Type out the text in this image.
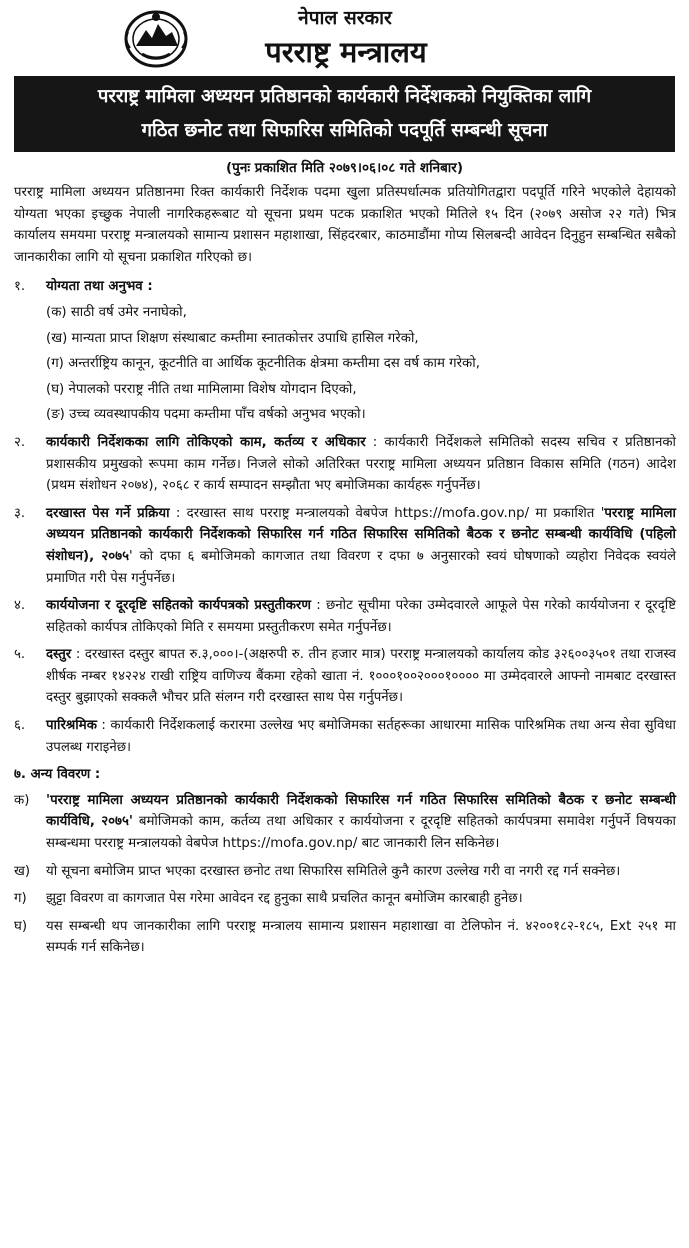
नेपाल सरकार
परराष्ट्र मन्त्रालय
परराष्ट्र मामिला अध्ययन प्रतिष्ठानको कार्यकारी निर्देशकको नियुक्तिका लागि
गठित छनोट तथा सिफारिस समितिको पदपूर्ति सम्बन्धी सूचना
(पुनः प्रकाशित मिति २०७९।०६।०८ गते शनिबार)

परराष्ट्र मामिला अध्ययन प्रतिष्ठानमा रिक्त कार्यकारी निर्देशक पदमा खुला प्रतिस्पर्धात्मक प्रतियोगितद्वारा पदपूर्ति गरिने भएकोले देहायको योग्यता भएका इच्छुक नेपाली नागरिकहरूबाट यो सूचना प्रथम पटक प्रकाशित भएको मितिले १५ दिन (२०७९ असोज २२ गते) भित्र कार्यालय समयमा परराष्ट्र मन्त्रालयको सामान्य प्रशासन महाशाखा, सिंहदरबार, काठमाडौंमा गोप्य सिलबन्दी आवेदन दिनुहुन सम्बन्धित सबैको जानकारीका लागि यो सूचना प्रकाशित गरिएको छ।

१.	योग्यता तथा अनुभव :
(क) साठी वर्ष उमेर ननाघेको,
(ख) मान्यता प्राप्त शिक्षण संस्थाबाट कम्तीमा स्नातकोत्तर उपाधि हासिल गरेको,
(ग) अन्तर्राष्ट्रिय कानून, कूटनीति वा आर्थिक कूटनीतिक क्षेत्रमा कम्तीमा दस वर्ष काम गरेको,
(घ) नेपालको परराष्ट्र नीति तथा मामिलामा विशेष योगदान दिएको,
(ङ) उच्च व्यवस्थापकीय पदमा कम्तीमा पाँच वर्षको अनुभव भएको।
२.	कार्यकारी निर्देशकका लागि तोकिएको काम, कर्तव्य र अधिकार : कार्यकारी निर्देशकले समितिको सदस्य सचिव र प्रतिष्ठानको प्रशासकीय प्रमुखको रूपमा काम गर्नेछ। निजले सोको अतिरिक्त परराष्ट्र मामिला अध्ययन प्रतिष्ठान विकास समिति (गठन) आदेश (प्रथम संशोधन २०७४), २०६८ र कार्य सम्पादन सम्झौता भए बमोजिमका कार्यहरू गर्नुपर्नेछ।
३.	दरखास्त पेस गर्ने प्रक्रिया : दरखास्त साथ परराष्ट्र मन्त्रालयको वेबपेज https://mofa.gov.np/ मा प्रकाशित 'परराष्ट्र मामिला अध्ययन प्रतिष्ठानको कार्यकारी निर्देशकको सिफारिस गर्न गठित सिफारिस समितिको बैठक र छनोट सम्बन्धी कार्यविधि (पहिलो संशोधन), २०७५' को दफा ६ बमोजिमको कागजात तथा विवरण र दफा ७ अनुसारको स्वयं घोषणाको व्यहोरा निवेदक स्वयंले प्रमाणित गरी पेस गर्नुपर्नेछ।
४.	कार्ययोजना र दूरदृष्टि सहितको कार्यपत्रको प्रस्तुतीकरण : छनोट सूचीमा परेका उम्मेदवारले आफूले पेस गरेको कार्ययोजना र दूरदृष्टि सहितको कार्यपत्र तोकिएको मिति र समयमा प्रस्तुतीकरण समेत गर्नुपर्नेछ।
५.	दस्तुर : दरखास्त दस्तुर बापत रु.३,०००।-(अक्षरुपी रु. तीन हजार मात्र) परराष्ट्र मन्त्रालयको कार्यालय कोड ३२६००३५०१ तथा राजस्व शीर्षक नम्बर १४२२४ राखी राष्ट्रिय वाणिज्य बैंकमा रहेको खाता नं. १०००१००२०००१०००० मा उम्मेदवारले आफ्नो नामबाट दरखास्त दस्तुर बुझाएको सक्कलै भौचर प्रति संलग्न गरी दरखास्त साथ पेस गर्नुपर्नेछ।
६.	पारिश्रमिक : कार्यकारी निर्देशकलाई करारमा उल्लेख भए बमोजिमका सर्तहरूका आधारमा मासिक पारिश्रमिक तथा अन्य सेवा सुविधा उपलब्ध गराइनेछ।
७. अन्य विवरण :
क)	'परराष्ट्र मामिला अध्ययन प्रतिष्ठानको कार्यकारी निर्देशकको सिफारिस गर्न गठित सिफारिस समितिको बैठक र छनोट सम्बन्धी कार्यविधि, २०७५' बमोजिमको काम, कर्तव्य तथा अधिकार र कार्ययोजना र दूरदृष्टि सहितको कार्यपत्रमा समावेश गर्नुपर्ने विषयका सम्बन्धमा परराष्ट्र मन्त्रालयको वेबपेज https://mofa.gov.np/ बाट जानकारी लिन सकिनेछ।
ख)	यो सूचना बमोजिम प्राप्त भएका दरखास्त छनोट तथा सिफारिस समितिले कुनै कारण उल्लेख गरी वा नगरी रद्द गर्न सक्नेछ।
ग)	झुट्टा विवरण वा कागजात पेस गरेमा आवेदन रद्द हुनुका साथै प्रचलित कानून बमोजिम कारबाही हुनेछ।
घ)	यस सम्बन्धी थप जानकारीका लागि परराष्ट्र मन्त्रालय सामान्य प्रशासन महाशाखा वा टेलिफोन नं. ४२००१८२-१८५, Ext २५१ मा सम्पर्क गर्न सकिनेछ।
